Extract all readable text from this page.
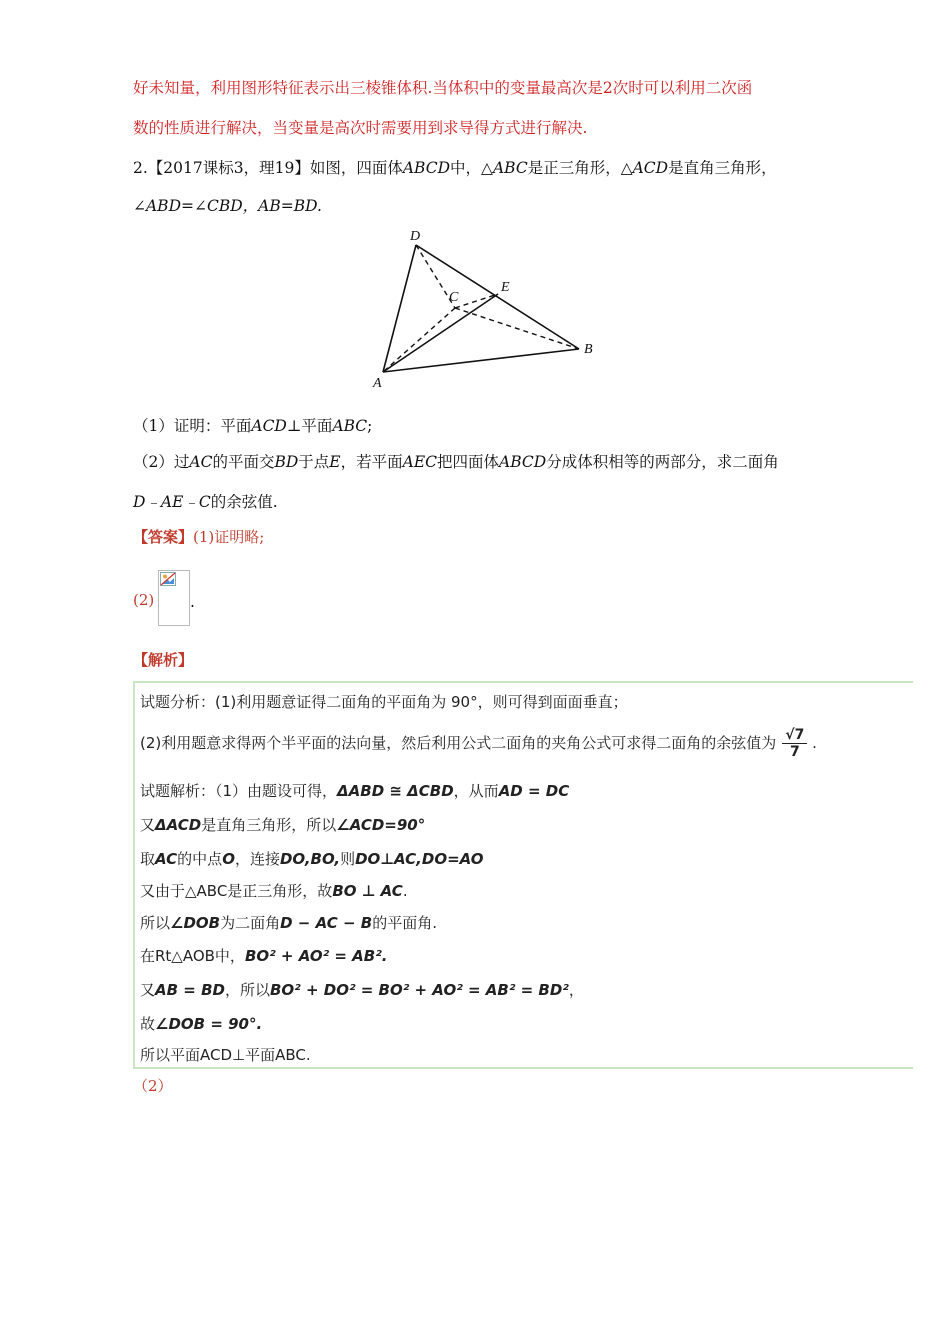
好未知量，利用图形特征表示出三棱锥体积.当体积中的变量最高次是2次时可以利用二次函
数的性质进行解决，当变量是高次时需要用到求导得方式进行解决.
2.【2017课标3，理19】如图，四面体ABCD中，△ABC是正三角形，△ACD是直角三角形，
∠ABD=∠CBD，AB=BD.
D
E
C
B
A
（1）证明：平面ACD⊥平面ABC;
（2）过AC的平面交BD于点E，若平面AEC把四面体ABCD分成体积相等的两部分，求二面角
D﹣AE﹣C的余弦值.
【答案】(1)证明略;
(2) .
【解析】
试题分析：(1)利用题意证得二面角的平面角为 90°，则可得到面面垂直；
(2)利用题意求得两个半平面的法向量，然后利用公式二面角的夹角公式可求得二面角的余弦值为 $\frac{√7}{7}$ .
试题解析：（1）由题设可得，ΔABD ≅ ΔCBD，从而AD = DC
又ΔACD是直角三角形，所以∠ACD=90°
取AC的中点O，连接DO,BO,则DO⊥AC,DO=AO
又由于△ABC是正三角形，故BO ⊥ AC.
所以∠DOB为二面角D − AC − B的平面角.
在Rt△AOB中，BO² + AO² = AB².
又AB = BD，所以BO² + DO² = BO² + AO² = AB² = BD²，
故∠DOB = 90°.
所以平面ACD⊥平面ABC.
（2）
